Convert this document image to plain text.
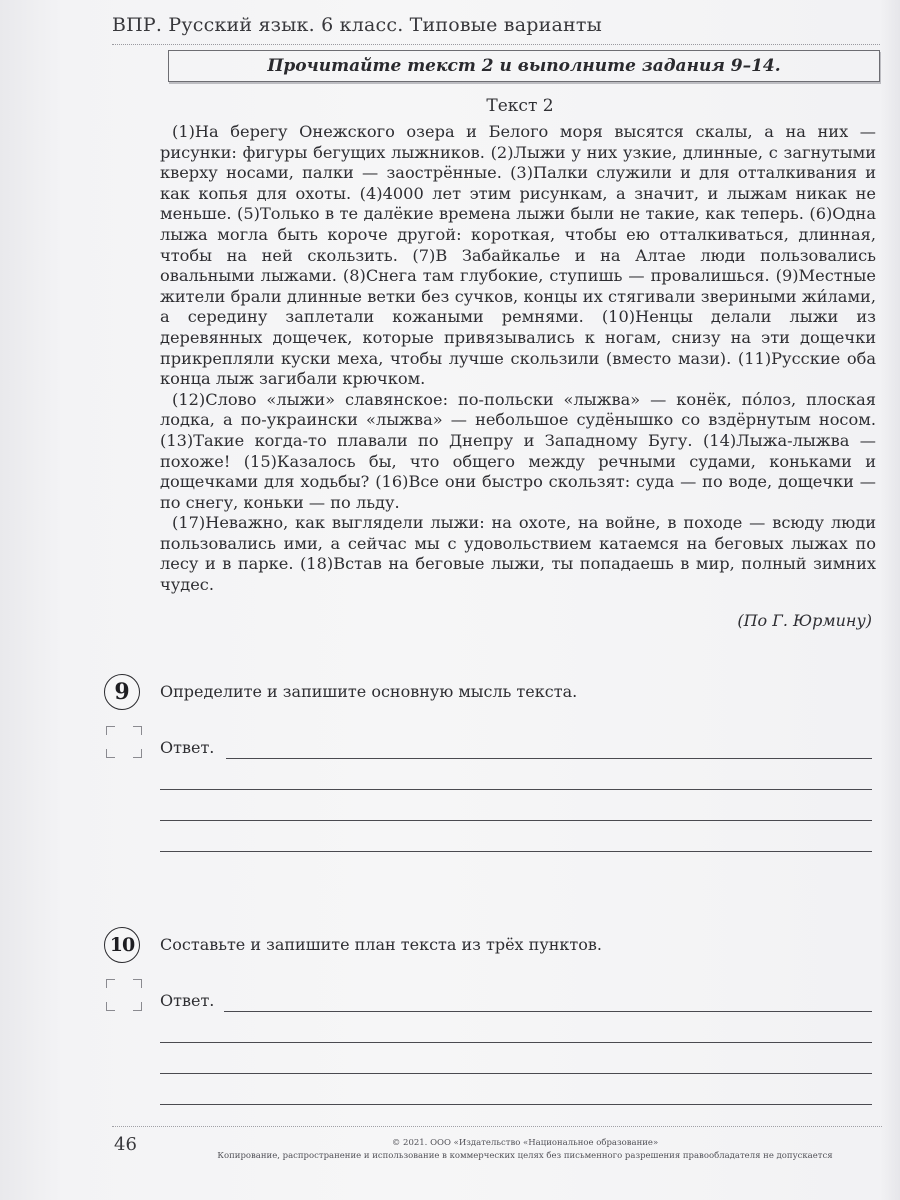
ВПР. Русский язык. 6 класс. Типовые варианты
Прочитайте текст 2 и выполните задания 9–14.
Текст 2

(1)На берегу Онежского озера и Белого моря высятся скалы, а на них — рисунки: фигуры бегущих лыжников. (2)Лыжи у них узкие, длинные, с загнутыми кверху носами, палки — заострённые. (3)Палки служили и для отталкивания и как копья для охоты. (4)4000 лет этим рисункам, а значит, и лыжам никак не меньше. (5)Только в те далёкие времена лыжи были не такие, как теперь. (6)Одна лыжа могла быть короче другой: короткая, чтобы ею отталкиваться, длинная, чтобы на ней скользить. (7)В Забайкалье и на Алтае люди пользовались овальными лыжами. (8)Снега там глубокие, ступишь — провалишься. (9)Местные жители брали длинные ветки без сучков, концы их стягивали звериными жи́лами, а середину заплетали кожаными ремнями. (10)Ненцы делали лыжи из деревянных дощечек, которые привязывались к ногам, снизу на эти дощечки прикрепляли куски меха, чтобы лучше скользили (вместо мази). (11)Русские оба конца лыж загибали крючком.

(12)Слово «лыжи» славянское: по-польски «лыжва» — конёк, по́лоз, плоская лодка, а по-украински «лыжва» — небольшое судёнышко со вздёрнутым носом. (13)Такие когда-то плавали по Днепру и Западному Бугу. (14)Лыжа-лыжва — похоже! (15)Казалось бы, что общего между речными судами, коньками и дощечками для ходьбы? (16)Все они быстро скользят: суда — по воде, дощечки — по снегу, коньки — по льду.

(17)Неважно, как выглядели лыжи: на охоте, на войне, в походе — всюду люди пользовались ими, а сейчас мы с удовольствием катаемся на беговых лыжах по лесу и в парке. (18)Встав на беговые лыжи, ты попадаешь в мир, полный зимних чудес.

(По Г. Юрмину)
9	Определите и запишите основную мысль текста.
Ответ.
10	Составьте и запишите план текста из трёх пунктов.
Ответ.
46	© 2021. ООО «Издательство «Национальное образование»
Копирование, распространение и использование в коммерческих целях без письменного разрешения правообладателя не допускается
